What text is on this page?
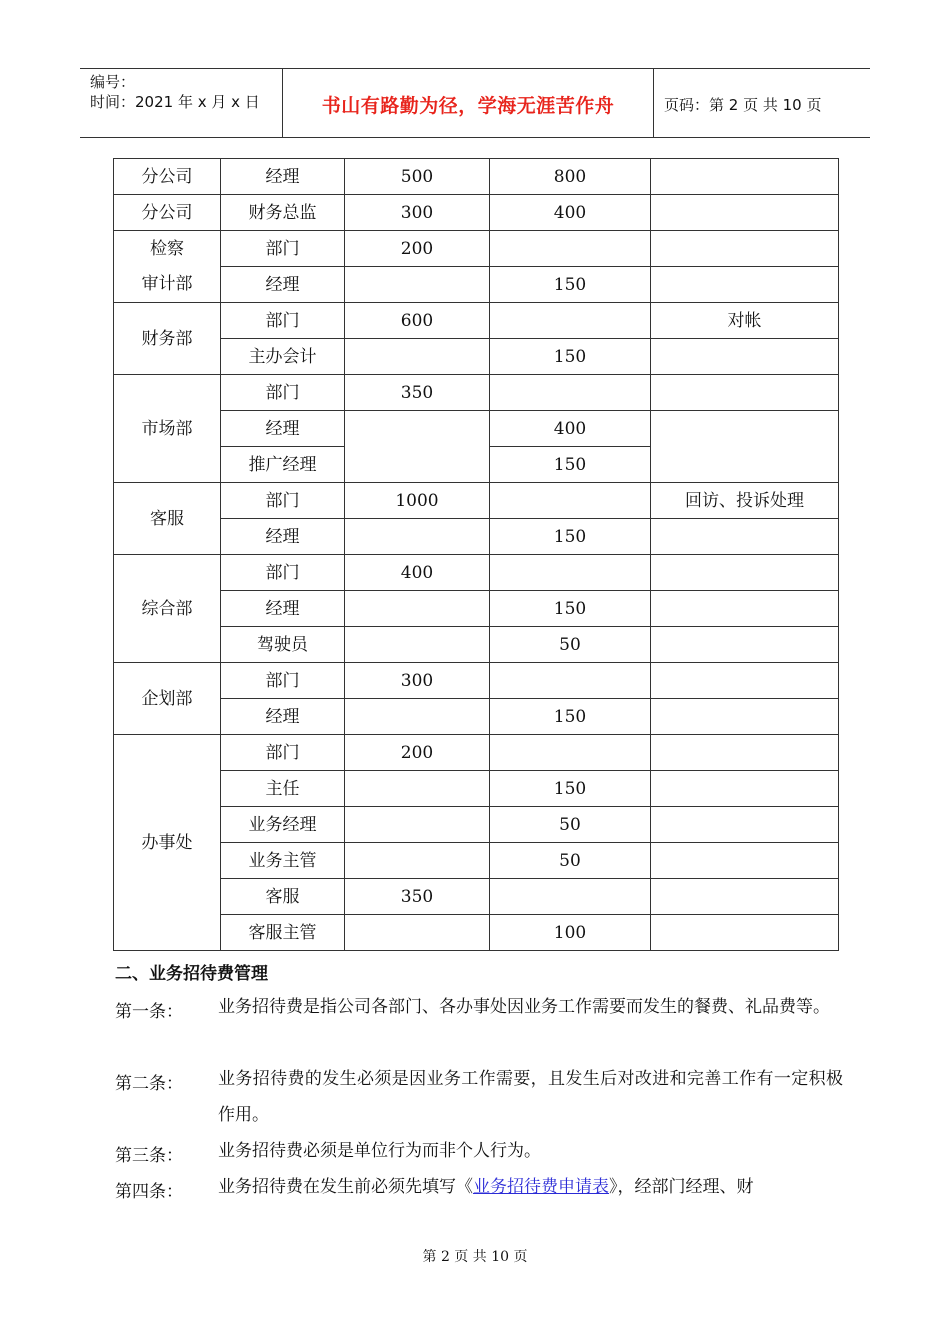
编号：
时间：2021 年 x 月 x 日	书山有路勤为径，学海无涯苦作舟	页码：第 2 页 共 10 页
分公司	经理	500	800	
分公司	财务总监	300	400	
检察	部门	200		
审计部	经理		150	
财务部	部门	600		对帐
	主办会计		150	
市场部	部门	350		
	经理		400	
	推广经理		150	
客服	部门	1000		回访、投诉处理
	经理		150	
综合部	部门	400		
	经理		150	
	驾驶员		50	
企划部	部门	300		
	经理		150	
办事处	部门	200		
	主任		150	
	业务经理		50	
	业务主管		50	
	客服	350		
	客服主管		100	
二、业务招待费管理
第一条： 业务招待费是指公司各部门、各办事处因业务工作需要而发生的餐费、礼品费等。
第二条： 业务招待费的发生必须是因业务工作需要，且发生后对改进和完善工作有一定积极作用。
第三条： 业务招待费必须是单位行为而非个人行为。
第四条： 业务招待费在发生前必须先填写《业务招待费申请表》，经部门经理、财
第 2 页 共 10 页
